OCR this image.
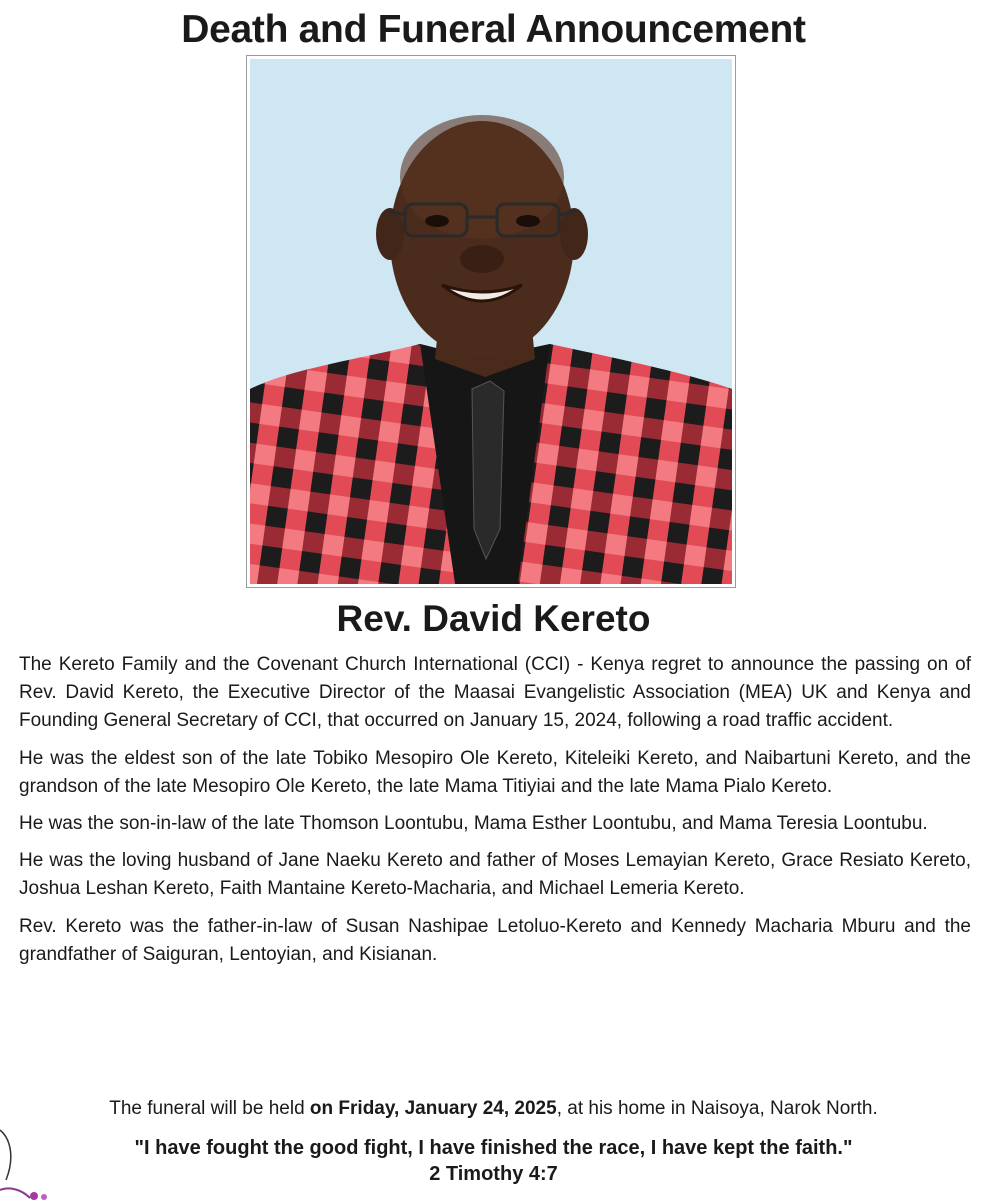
Death and Funeral Announcement
Rev. David Kereto

The Kereto Family and the Covenant Church International (CCI) - Kenya regret to announce the passing on of Rev. David Kereto, the Executive Director of the Maasai Evangelistic Association (MEA) UK and Kenya and Founding General Secretary of CCI, that occurred on January 15, 2024, following a road traffic accident.

He was the eldest son of the late Tobiko Mesopiro Ole Kereto, Kiteleiki Kereto, and Naibartuni Kereto, and the grandson of the late Mesopiro Ole Kereto, the late Mama Titiyiai and the late Mama Pialo Kereto.

He was the son-in-law of the late Thomson Loontubu, Mama Esther Loontubu, and Mama Teresia Loontubu.

He was the loving husband of Jane Naeku Kereto and father of Moses Lemayian Kereto, Grace Resiato Kereto, Joshua Leshan Kereto, Faith Mantaine Kereto-Macharia, and Michael Lemeria Kereto.

Rev. Kereto was the father-in-law of Susan Nashipae Letoluo-Kereto and Kennedy Macharia Mburu and the grandfather of Saiguran, Lentoyian, and Kisianan.

The funeral will be held on Friday, January 24, 2025, at his home in Naisoya, Narok North.
"I have fought the good fight, I have finished the race, I have kept the faith."
2 Timothy 4:7
